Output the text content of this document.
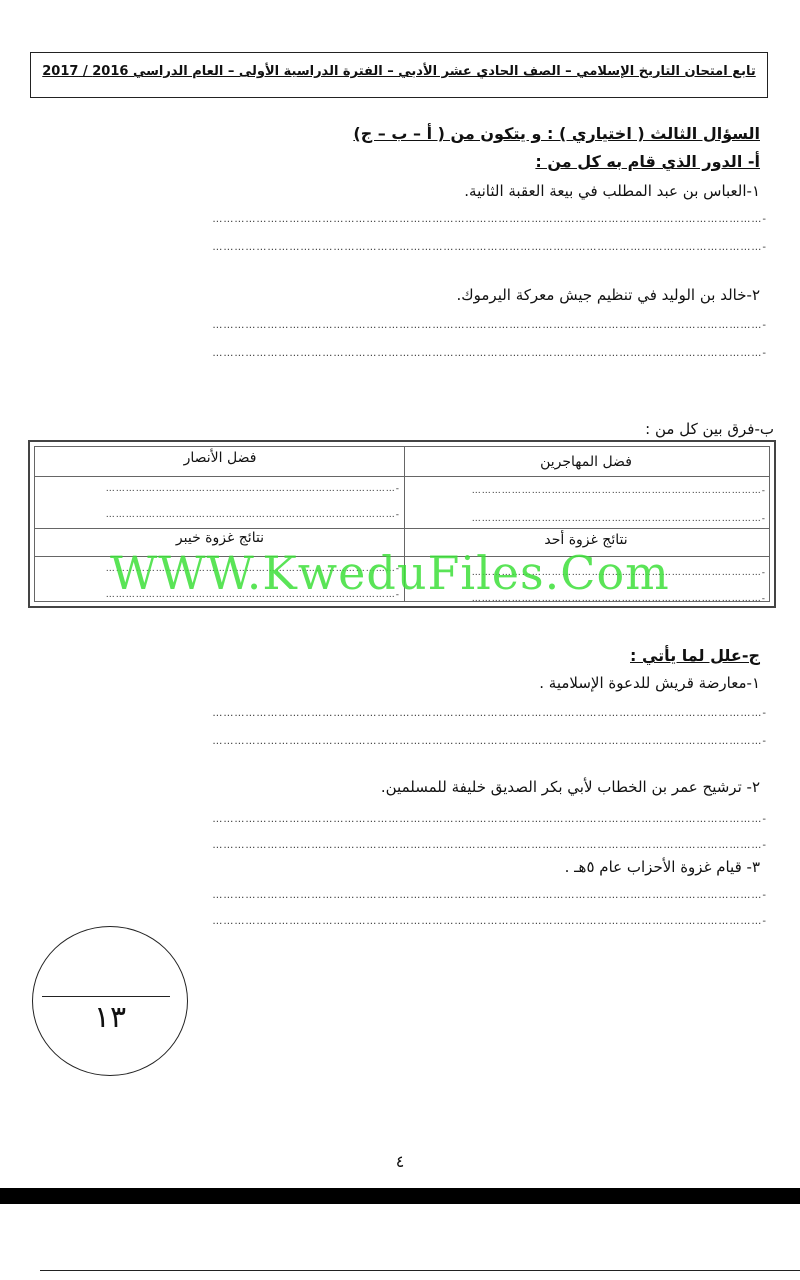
تابع امتحان التاريخ الإسلامي – الصف الحادي عشر الأدبي – الفترة الدراسية الأولى – العام الدراسي 2016 / 2017
السؤال الثالث ( اختياري ) : و يتكون من ( أ – ب – ج)
أ- الدور الذي قام به كل من :
١-العباس بن عبد المطلب في بيعة العقبة الثانية.
-……………………………………………………………………………………………………………………………………
-……………………………………………………………………………………………………………………………………
٢-خالد بن الوليد في تنظيم جيش معركة اليرموك.
-……………………………………………………………………………………………………………………………………
-……………………………………………………………………………………………………………………………………
ب-فرق بين كل من :
فضل المهاجرين
فضل الأنصار
-……………………………………………………………………………
-……………………………………………………………………………
-……………………………………………………………………………
-……………………………………………………………………………
نتائج غزوة أحد
نتائج غزوة خيبر
-……………………………………………………………………………
-……………………………………………………………………………
-……………………………………………………………………………
-……………………………………………………………………………
WWW.KweduFiles.Com
ج-علل لما يأتي :
١-معارضة قريش للدعوة الإسلامية .
-……………………………………………………………………………………………………………………………………
-……………………………………………………………………………………………………………………………………
٢- ترشيح عمر بن الخطاب لأبي بكر الصديق خليفة للمسلمين.
-……………………………………………………………………………………………………………………………………
-……………………………………………………………………………………………………………………………………
٣- قيام غزوة الأحزاب عام ٥هـ .
-……………………………………………………………………………………………………………………………………
-……………………………………………………………………………………………………………………………………
١٣
٤
